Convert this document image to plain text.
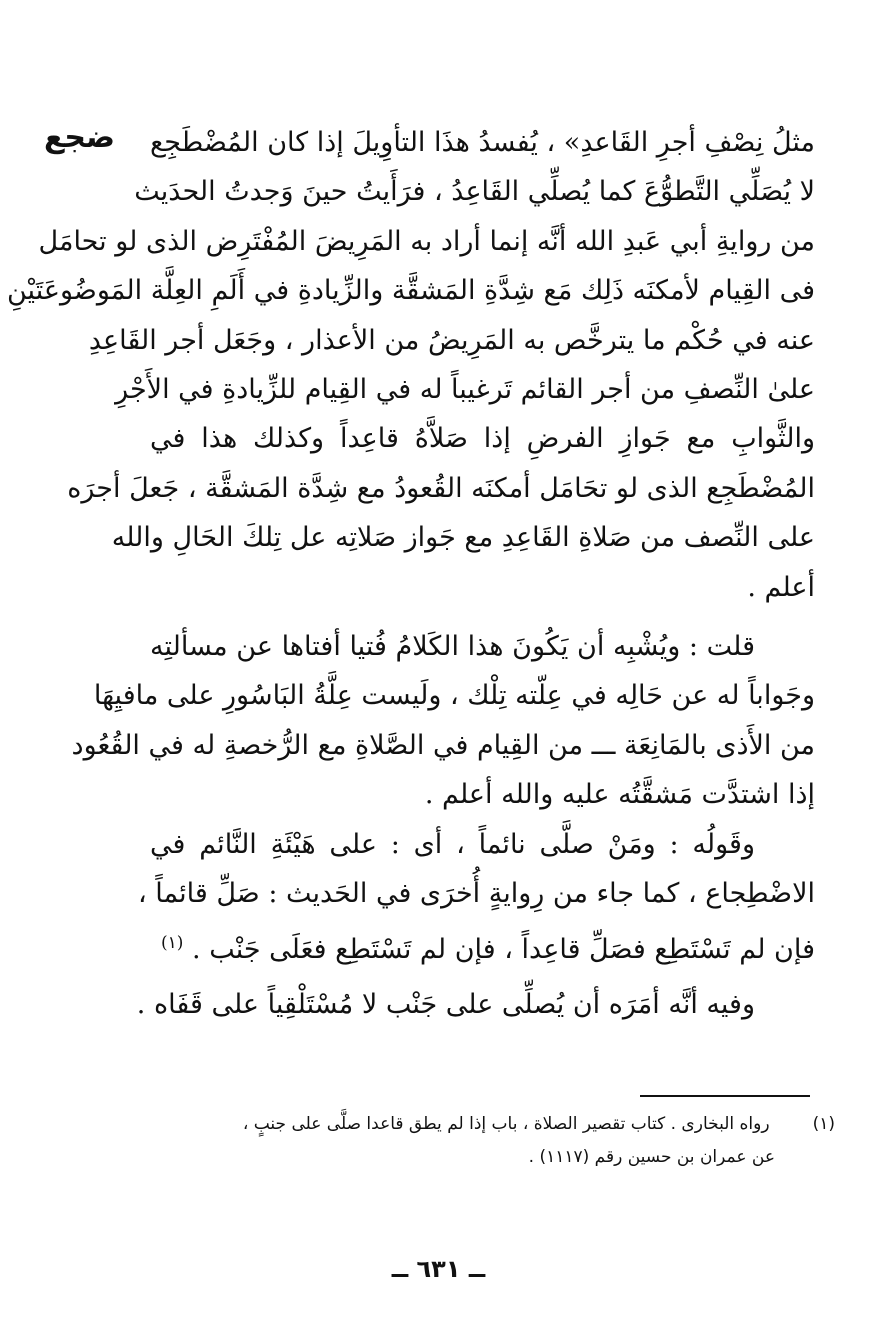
ضجع	مثلُ نِصْفِ أجرِ القَاعدِ» ، يُفسدُ هذَا التأوِيلَ إذا كان المُضْطَجِع
لا يُصَلِّي التَّطوُّعَ كما يُصلِّي القَاعِدُ ، فرَأَيتُ حينَ وَجدتُ الحدَيث
من روايةِ أبي عَبدِ الله أنَّه إنما أراد به المَرِيضَ المُفْتَرِض الذى لو تحامَل
فى القِيام لأمكنَه ذَلِك مَع شِدَّةِ المَشقَّة والزِّيادةِ في أَلَمِ العِلَّة المَوضُوعَتَيْنِ
عنه في حُكْم ما يترخَّص به المَرِيضُ من الأعذار ، وجَعَل أجر القَاعِدِ
علىٰ النِّصفِ من أجر القائم تَرغيباً له في القِيام للزِّيادةِ في الأَجْرِ
والثَّوابِ مع جَوازِ الفرضِ إذا صَلاَّهُ قاعِداً وكذلك هذا في
المُضْطَجِع الذى لو تحَامَل أمكنَه القُعودُ مع شِدَّة المَشقَّة ، جَعلَ أجرَه
على النِّصف من صَلاةِ القَاعِدِ مع جَواز صَلاتِه عل تِلكَ الحَالِ والله
أعلم .
قلت : ويُشْبِه أن يَكُونَ هذا الكَلامُ فُتيا أفتاها عن مسألتِه
وجَواباً له عن حَالِه في عِلّته تِلْك ، ولَيست عِلَّةُ البَاسُورِ على مافيِهَا
من الأَذى بالمَانِعَة ـــ من القِيام في الصَّلاةِ مع الرُّخصةِ له في القُعُود
إذا اشتدَّت مَشقَّتُه عليه والله أعلم .
وقَولُه : ومَنْ صلَّى نائماً ، أى : على هَيْئَةِ النَّائم في
الاضْطِجاع ، كما جاء من رِوايةٍ أُخرَى في الحَديث : صَلِّ قائماً ،
فإن لم تَسْتَطِع فصَلِّ قاعِداً ، فإن لم تَسْتَطِع فعَلَى جَنْب . $^{(١)}$
وفيه أنَّه أمَرَه أن يُصلِّى على جَنْب لا مُسْتَلْقِياً على قَفَاه .
(١) رواه البخارى . كتاب تقصير الصلاة ، باب إذا لم يطق قاعدا صلَّى على جنبٍ ،
عن عمران بن حسين رقم (١١١٧) .
ــ ٦٣١ ــ
